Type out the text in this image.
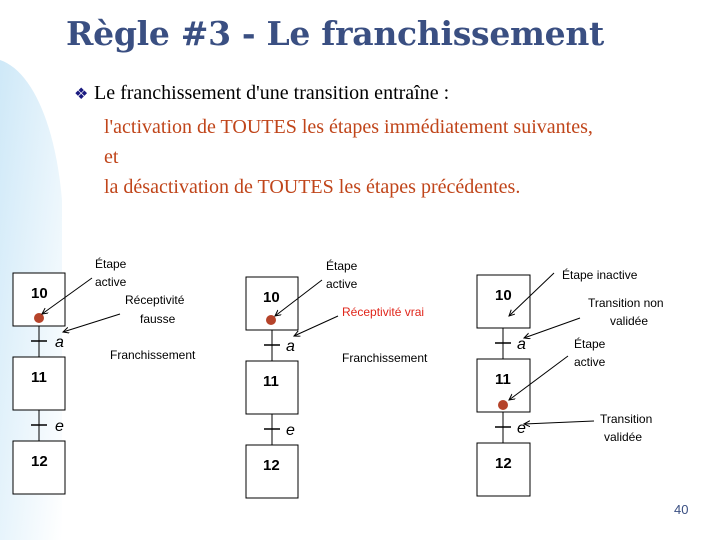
Règle #3 - Le franchissement
❖ Le franchissement d'une transition entraîne :
l'activation de TOUTES les étapes immédiatement suivantes,
et
la désactivation de TOUTES les étapes précédentes.
10
a
11
e
12
Étape
active
Réceptivité
fausse
Franchissement
10
a
11
e
12
Étape
active
Réceptivité vrai
Franchissement
10
a
11
e
12
Étape inactive
Transition non
validée
Étape
active
Transition
validée
40
